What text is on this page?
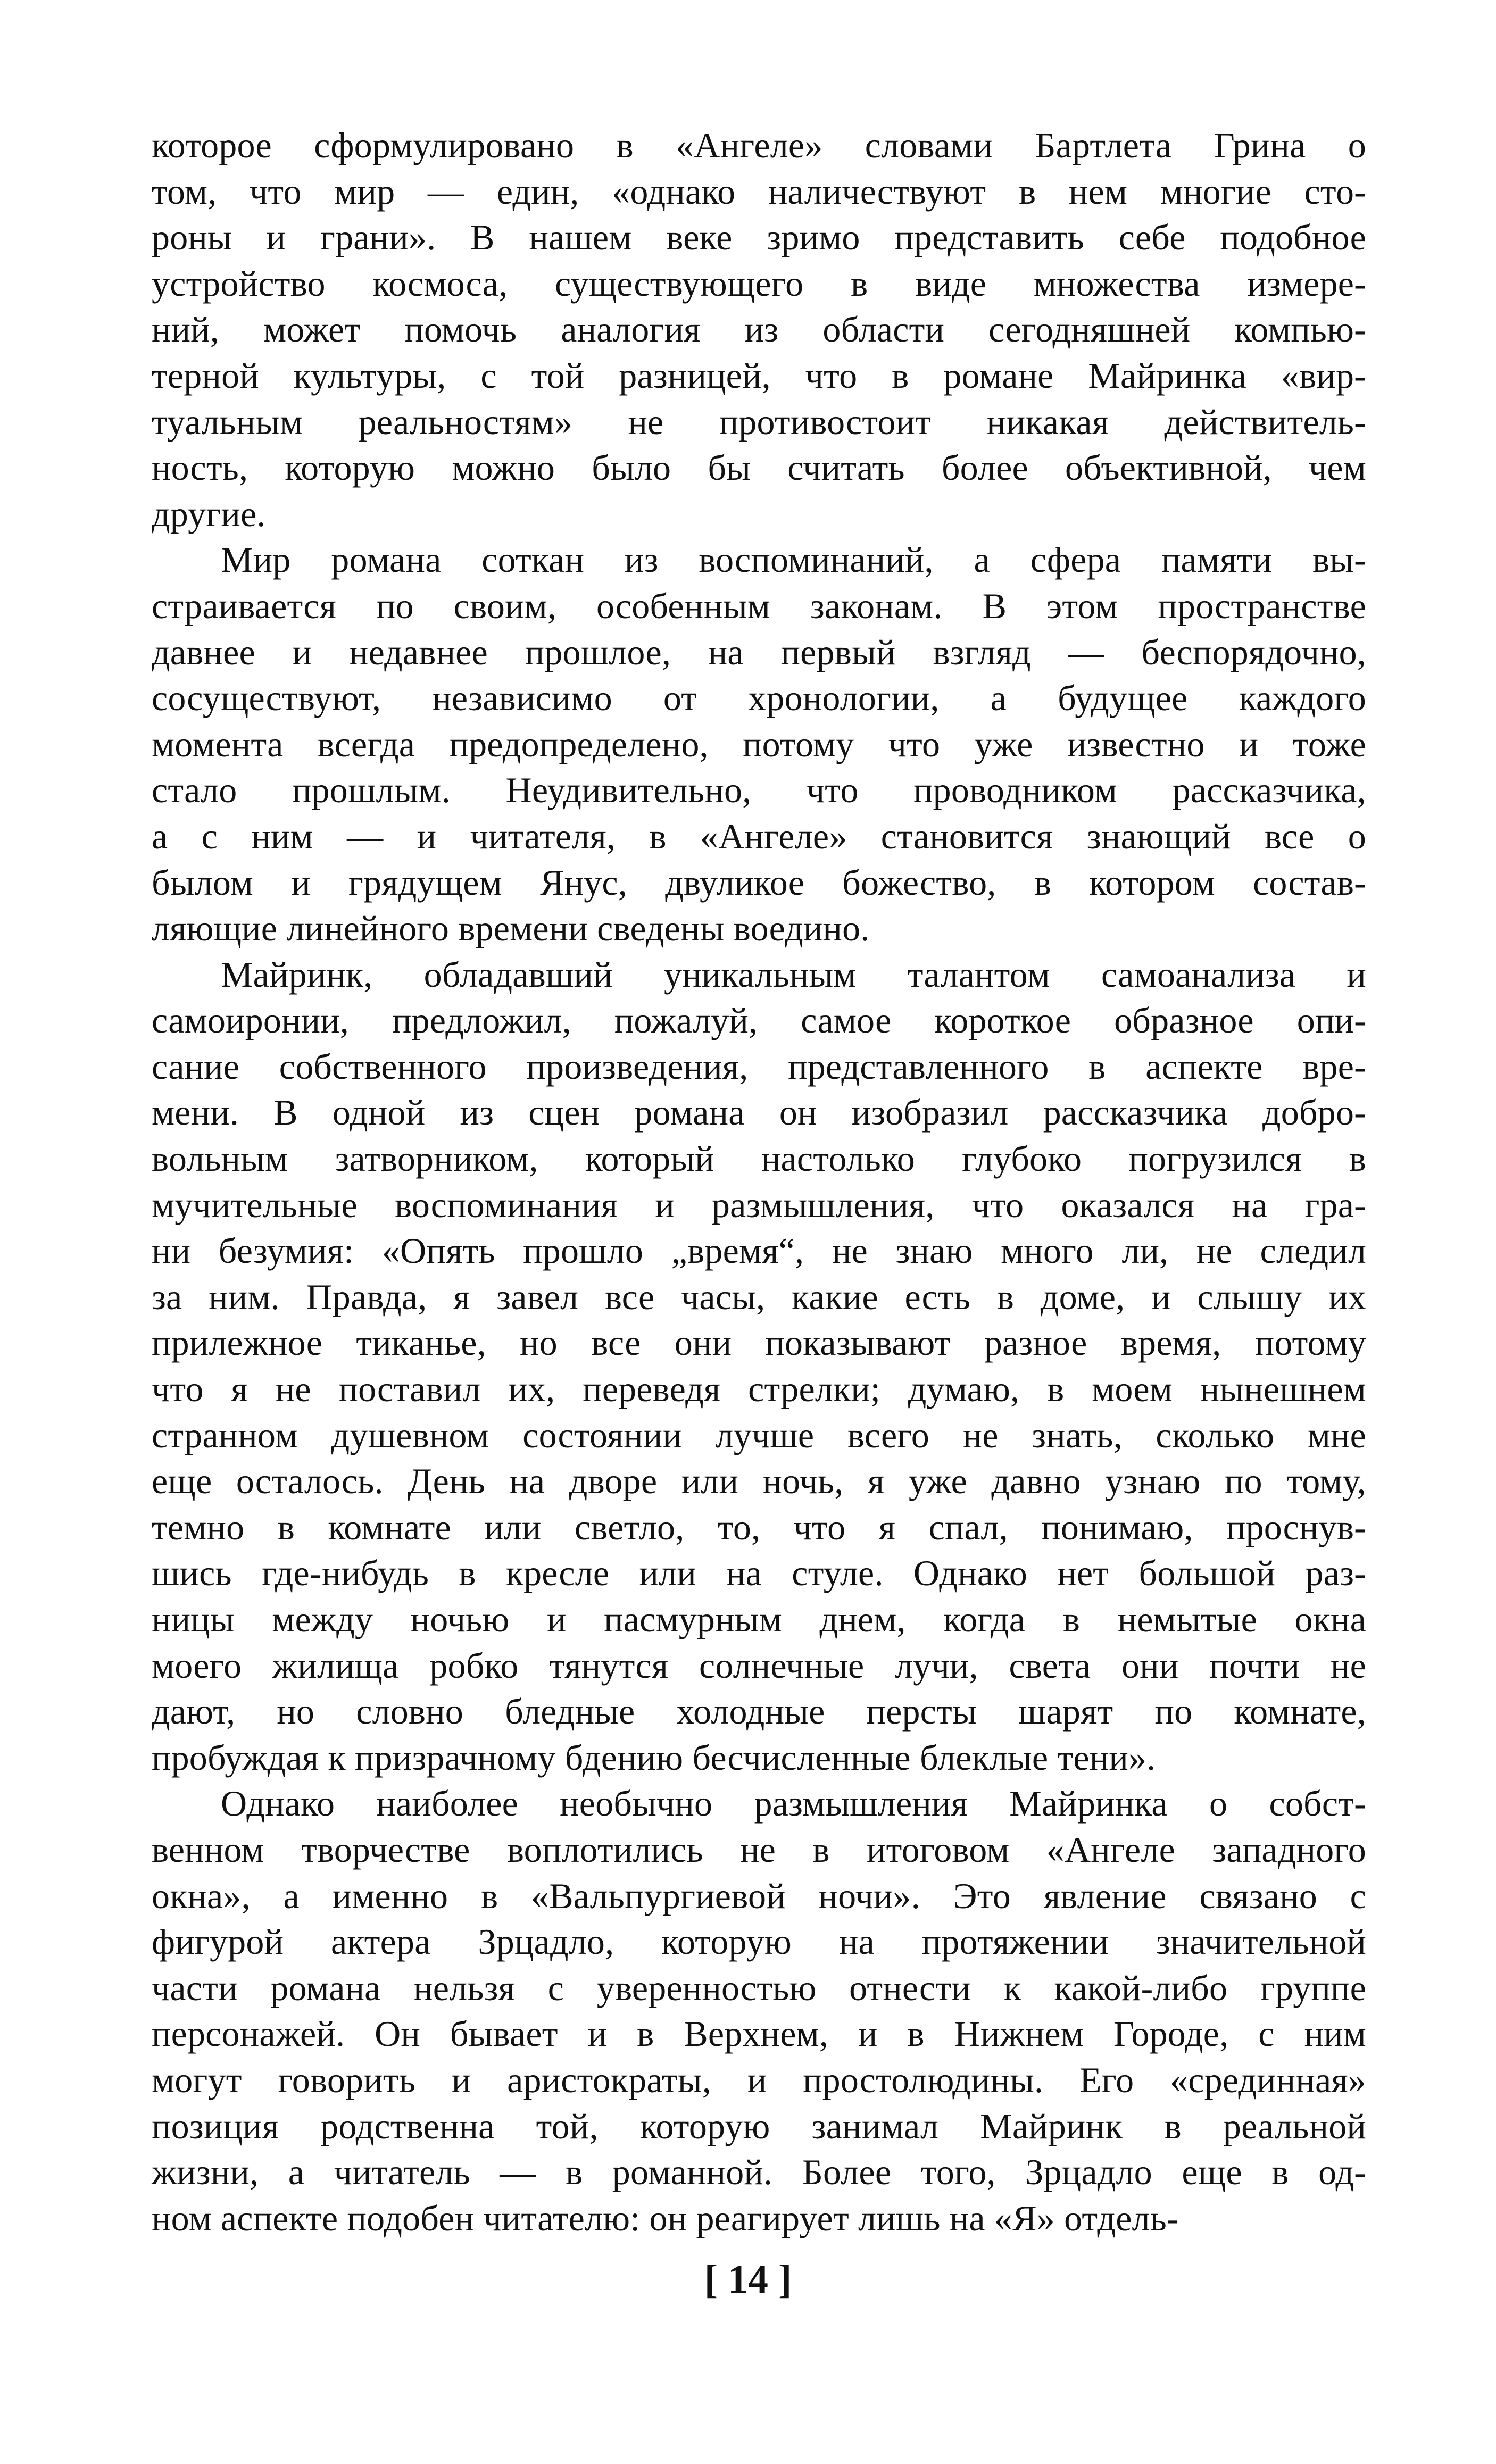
которое сформулировано в «Ангеле» словами Бартлета Грина о
том, что мир — един, «однако наличествуют в нем многие сто-
роны и грани». В нашем веке зримо представить себе подобное
устройство космоса, существующего в виде множества измере-
ний, может помочь аналогия из области сегодняшней компью-
терной культуры, с той разницей, что в романе Майринка «вир-
туальным реальностям» не противостоит никакая действитель-
ность, которую можно было бы считать более объективной, чем
другие.
Мир романа соткан из воспоминаний, а сфера памяти вы-
страивается по своим, особенным законам. В этом пространстве
давнее и недавнее прошлое, на первый взгляд — беспорядочно,
сосуществуют, независимо от хронологии, а будущее каждого
момента всегда предопределено, потому что уже известно и тоже
стало прошлым. Неудивительно, что проводником рассказчика,
а с ним — и читателя, в «Ангеле» становится знающий все о
былом и грядущем Янус, двуликое божество, в котором состав-
ляющие линейного времени сведены воедино.
Майринк, обладавший уникальным талантом самоанализа и
самоиронии, предложил, пожалуй, самое короткое образное опи-
сание собственного произведения, представленного в аспекте вре-
мени. В одной из сцен романа он изобразил рассказчика добро-
вольным затворником, который настолько глубоко погрузился в
мучительные воспоминания и размышления, что оказался на гра-
ни безумия: «Опять прошло „время“, не знаю много ли, не следил
за ним. Правда, я завел все часы, какие есть в доме, и слышу их
прилежное тиканье, но все они показывают разное время, потому
что я не поставил их, переведя стрелки; думаю, в моем нынешнем
странном душевном состоянии лучше всего не знать, сколько мне
еще осталось. День на дворе или ночь, я уже давно узнаю по тому,
темно в комнате или светло, то, что я спал, понимаю, проснув-
шись где-нибудь в кресле или на стуле. Однако нет большой раз-
ницы между ночью и пасмурным днем, когда в немытые окна
моего жилища робко тянутся солнечные лучи, света они почти не
дают, но словно бледные холодные персты шарят по комнате,
пробуждая к призрачному бдению бесчисленные блеклые тени».
Однако наиболее необычно размышления Майринка о собст-
венном творчестве воплотились не в итоговом «Ангеле западного
окна», а именно в «Вальпургиевой ночи». Это явление связано с
фигурой актера Зрцадло, которую на протяжении значительной
части романа нельзя с уверенностью отнести к какой-либо группе
персонажей. Он бывает и в Верхнем, и в Нижнем Городе, с ним
могут говорить и аристократы, и простолюдины. Его «срединная»
позиция родственна той, которую занимал Майринк в реальной
жизни, а читатель — в романной. Более того, Зрцадло еще в од-
ном аспекте подобен читателю: он реагирует лишь на «Я» отдель-
[ 14 ]
